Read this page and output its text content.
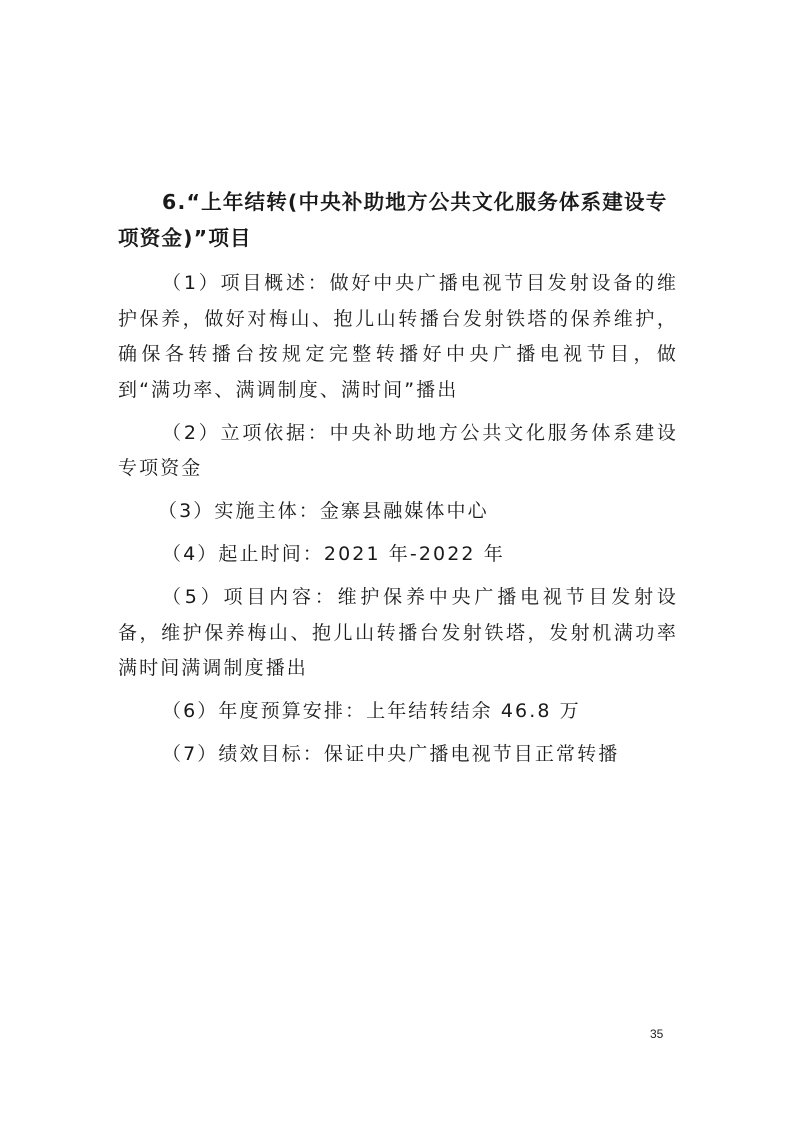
6.“上年结转(中央补助地方公共文化服务体系建设专项资金)”项目

（1）项目概述：做好中央广播电视节目发射设备的维护保养，做好对梅山、抱儿山转播台发射铁塔的保养维护，确保各转播台按规定完整转播好中央广播电视节目，做到“满功率、满调制度、满时间”播出

（2）立项依据：中央补助地方公共文化服务体系建设专项资金

（3）实施主体：金寨县融媒体中心

（4）起止时间：2021 年-2022 年

（5）项目内容：维护保养中央广播电视节目发射设备，维护保养梅山、抱儿山转播台发射铁塔，发射机满功率满时间满调制度播出

（6）年度预算安排：上年结转结余 46.8 万

（7）绩效目标：保证中央广播电视节目正常转播

35
